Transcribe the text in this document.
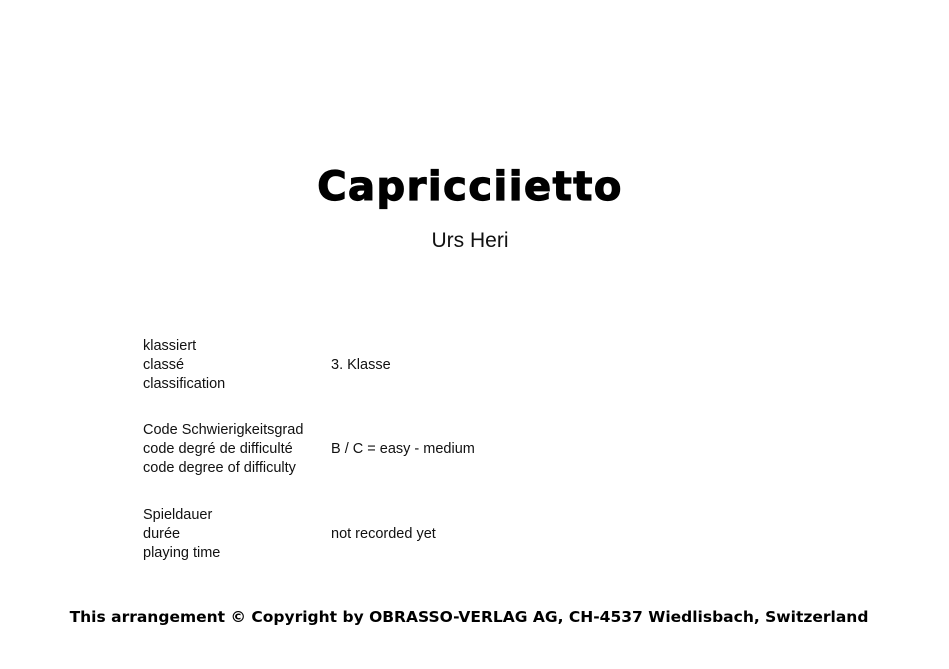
Capricciietto
Urs Heri
klassiert
classé
classification
3. Klasse
Code Schwierigkeitsgrad
code degré de difficulté
code degree of difficulty
B / C = easy - medium
Spieldauer
durée
playing time
not recorded yet
This arrangement © Copyright by OBRASSO-VERLAG AG, CH-4537 Wiedlisbach, Switzerland
